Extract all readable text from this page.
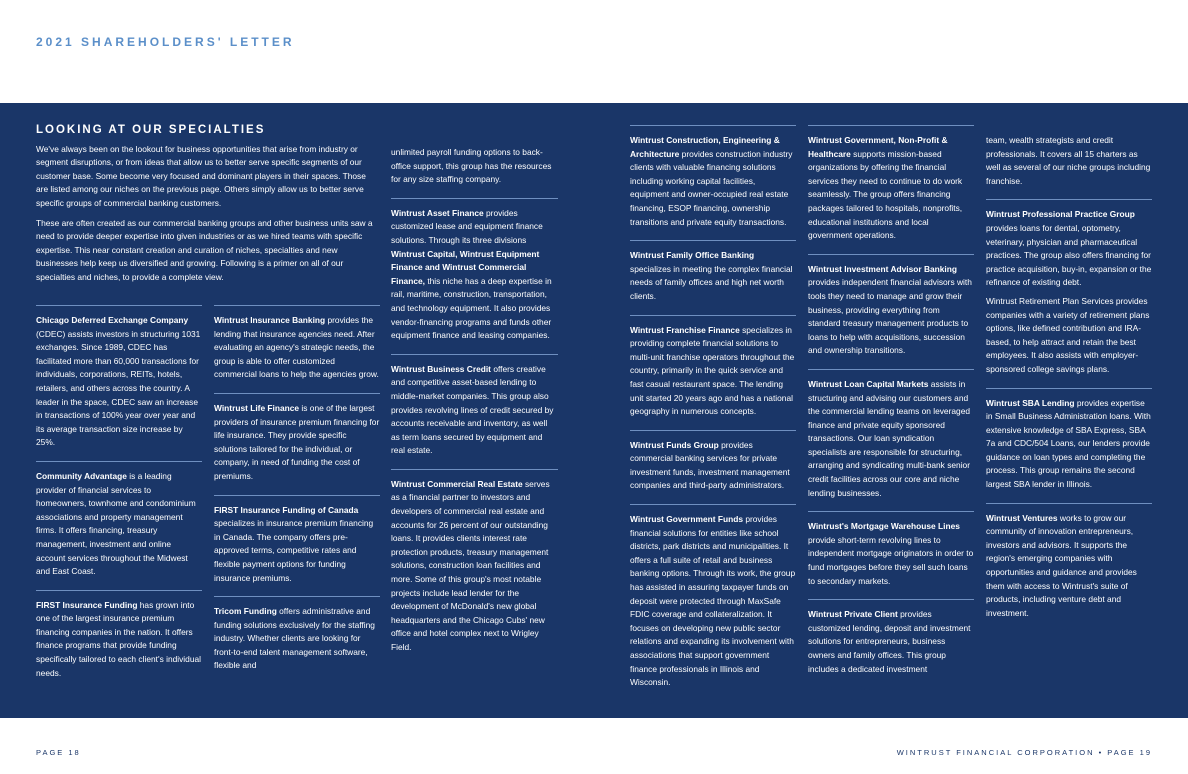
2021 SHAREHOLDERS' LETTER
LOOKING AT OUR SPECIALTIES

We've always been on the lookout for business opportunities that arise from industry or segment disruptions, or from ideas that allow us to better serve specific segments of our customer base. Some become very focused and dominant players in their spaces. Those are listed among our niches on the previous page. Others simply allow us to better serve specific groups of commercial banking customers.

These are often created as our commercial banking groups and other business units saw a need to provide deeper expertise into given industries or as we hired teams with specific expertise. This near constant creation and curation of niches, specialties and new businesses help keep us diversified and growing. Following is a primer on all of our specialties and niches, to provide a complete view.

Chicago Deferred Exchange Company
(CDEC) assists investors in structuring 1031 exchanges. Since 1989, CDEC has facilitated more than 60,000 transactions for individuals, corporations, REITs, hotels, retailers, and others across the country. A leader in the space, CDEC saw an increase in transactions of 100% year over year and its average transaction size increase by 25%.

Community Advantage is a leading provider of financial services to homeowners, townhome and condominium associations and property management firms. It offers financing, treasury management, investment and online account services throughout the Midwest and East Coast.

FIRST Insurance Funding has grown into one of the largest insurance premium financing companies in the nation. It offers finance programs that provide funding specifically tailored to each client's individual needs.

Wintrust Insurance Banking provides the lending that insurance agencies need. After evaluating an agency's strategic needs, the group is able to offer customized commercial loans to help the agencies grow.

Wintrust Life Finance is one of the largest providers of insurance premium financing for life insurance. They provide specific solutions tailored for the individual, or company, in need of funding the cost of premiums.

FIRST Insurance Funding of Canada specializes in insurance premium financing in Canada. The company offers pre-approved terms, competitive rates and flexible payment options for funding insurance premiums.

Tricom Funding offers administrative and funding solutions exclusively for the staffing industry. Whether clients are looking for front-to-end talent management software, flexible and

unlimited payroll funding options to back-office support, this group has the resources for any size staffing company.

Wintrust Asset Finance provides customized lease and equipment finance solutions. Through its three divisions Wintrust Capital, Wintrust Equipment Finance and Wintrust Commercial Finance, this niche has a deep expertise in rail, maritime, construction, transportation, and technology equipment. It also provides vendor-financing programs and funds other equipment finance and leasing companies.

Wintrust Business Credit offers creative and competitive asset-based lending to middle-market companies. This group also provides revolving lines of credit secured by accounts receivable and inventory, as well as term loans secured by equipment and real estate.

Wintrust Commercial Real Estate serves as a financial partner to investors and developers of commercial real estate and accounts for 26 percent of our outstanding loans. It provides clients interest rate protection products, treasury management solutions, construction loan facilities and more. Some of this group's most notable projects include lead lender for the development of McDonald's new global headquarters and the Chicago Cubs' new office and hotel complex next to Wrigley Field.

Wintrust Construction, Engineering & Architecture provides construction industry clients with valuable financing solutions including working capital facilities, equipment and owner-occupied real estate financing, ESOP financing, ownership transitions and private equity transactions.

Wintrust Family Office Banking specializes in meeting the complex financial needs of family offices and high net worth clients.

Wintrust Franchise Finance specializes in providing complete financial solutions to multi-unit franchise operators throughout the country, primarily in the quick service and fast casual restaurant space. The lending unit started 20 years ago and has a national geography in numerous concepts.

Wintrust Funds Group provides commercial banking services for private investment funds, investment management companies and third-party administrators.

Wintrust Government Funds provides financial solutions for entities like school districts, park districts and municipalities. It offers a full suite of retail and business banking options. Through its work, the group has assisted in assuring taxpayer funds on deposit were protected through MaxSafe FDIC coverage and collateralization. It focuses on developing new public sector relations and expanding its involvement with associations that support government finance professionals in Illinois and Wisconsin.

Wintrust Government, Non-Profit & Healthcare supports mission-based organizations by offering the financial services they need to continue to do work seamlessly. The group offers financing packages tailored to hospitals, nonprofits, educational institutions and local government operations.

Wintrust Investment Advisor Banking provides independent financial advisors with tools they need to manage and grow their business, providing everything from standard treasury management products to loans to help with acquisitions, succession and ownership transitions.

Wintrust Loan Capital Markets assists in structuring and advising our customers and the commercial lending teams on leveraged finance and private equity sponsored transactions. Our loan syndication specialists are responsible for structuring, arranging and syndicating multi-bank senior credit facilities across our core and niche lending businesses.

Wintrust's Mortgage Warehouse Lines provide short-term revolving lines to independent mortgage originators in order to fund mortgages before they sell such loans to secondary markets.

Wintrust Private Client provides customized lending, deposit and investment solutions for entrepreneurs, business owners and family offices. This group includes a dedicated investment

team, wealth strategists and credit professionals. It covers all 15 charters as well as several of our niche groups including franchise.

Wintrust Professional Practice Group provides loans for dental, optometry, veterinary, physician and pharmaceutical practices. The group also offers financing for practice acquisition, buy-in, expansion or the refinance of existing debt.

Wintrust Retirement Plan Services provides companies with a variety of retirement plans options, like defined contribution and IRA-based, to help attract and retain the best employees. It also assists with employer-sponsored college savings plans.

Wintrust SBA Lending provides expertise in Small Business Administration loans. With extensive knowledge of SBA Express, SBA 7a and CDC/504 Loans, our lenders provide guidance on loan types and completing the process. This group remains the second largest SBA lender in Illinois.

Wintrust Ventures works to grow our community of innovation entrepreneurs, investors and advisors. It supports the region's emerging companies with opportunities and guidance and provides them with access to Wintrust's suite of products, including venture debt and investment.

PAGE 18	WINTRUST FINANCIAL CORPORATION • PAGE 19
